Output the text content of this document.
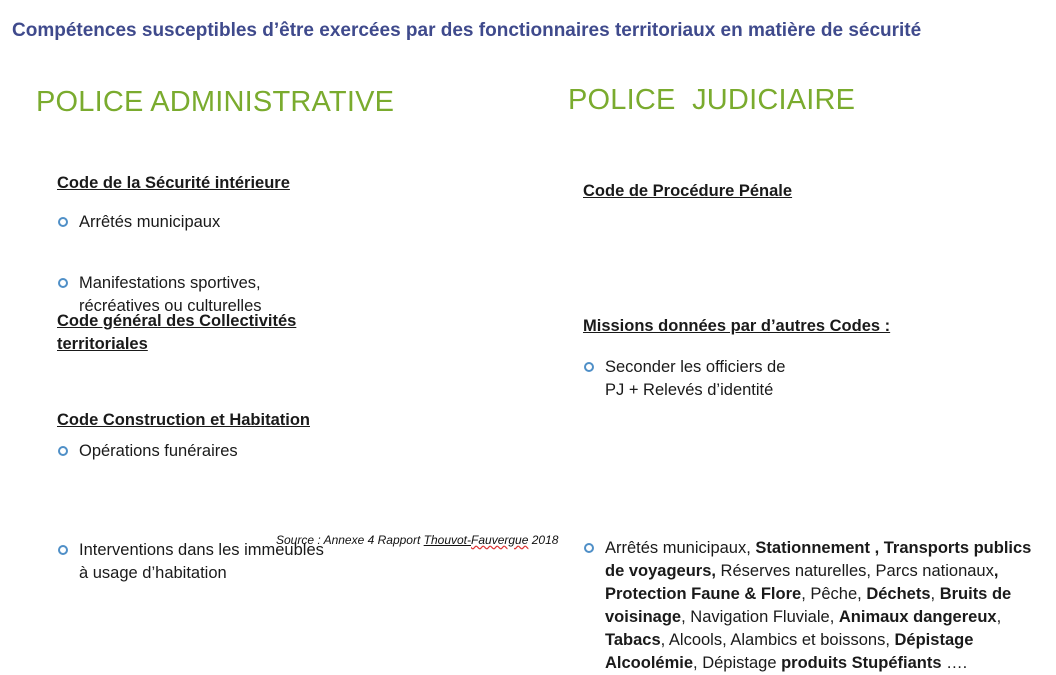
Compétences susceptibles d’être exercées par des fonctionnaires territoriaux en matière de sécurité
POLICE ADMINISTRATIVE
Code de la Sécurité intérieure
Arrêtés municipaux
Manifestations sportives,
récréatives ou culturelles
Code général des Collectivités
territoriales
Opérations funéraires
Code Construction et Habitation
Interventions dans les immeubles
à usage d’habitation
POLICE  JUDICIAIRE
Code de Procédure Pénale
Seconder les officiers de
PJ + Relevés d’identité
Missions données par d’autres Codes :
Arrêtés municipaux, Stationnement , Transports publics de voyageurs, Réserves naturelles, Parcs nationaux, Protection Faune & Flore, Pêche, Déchets, Bruits de voisinage, Navigation Fluviale, Animaux dangereux, Tabacs, Alcools, Alambics et boissons, Dépistage Alcoolémie, Dépistage produits Stupéfiants ….
Source : Annexe 4 Rapport Thouvot-Fauvergue 2018
